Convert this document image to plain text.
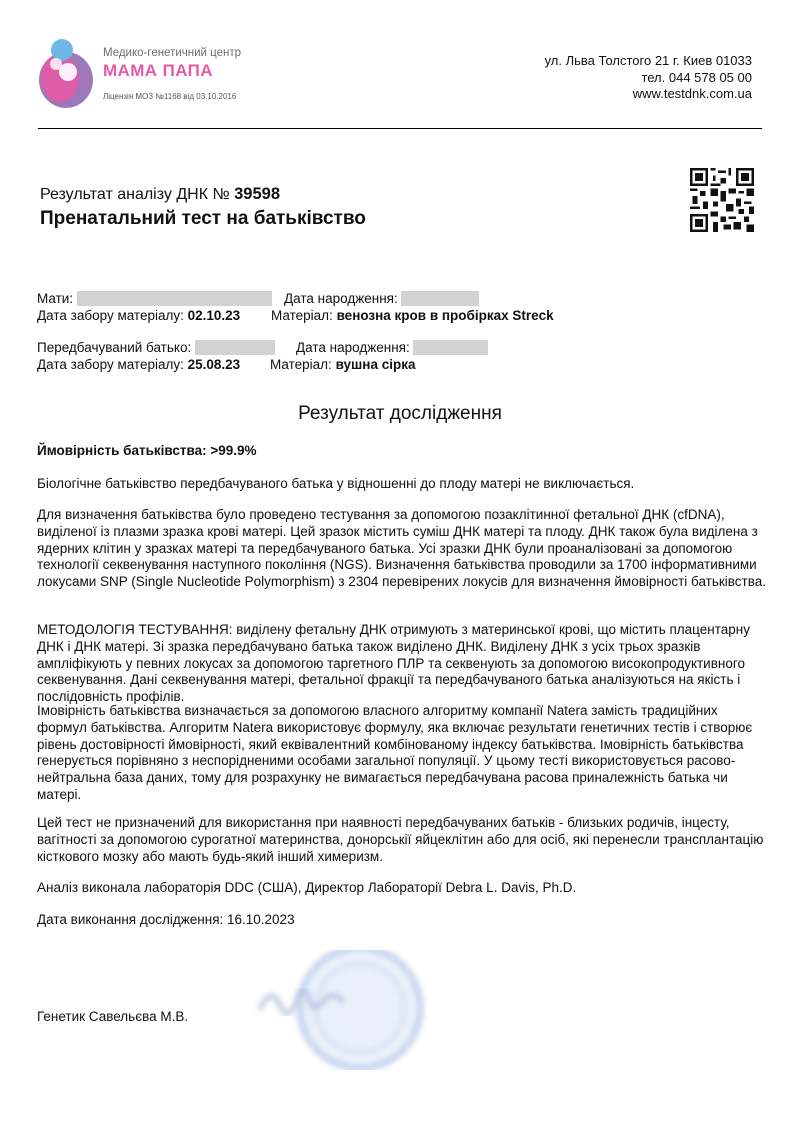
Медико-генетичний центр
МАМА ПАПА
Ліцензія МОЗ №1168 від 03.10.2016
ул. Льва Толстого 21 г. Киев 01033
тел. 044 578 05 00
www.testdnk.com.ua
Результат аналізу ДНК № 39598
Пренатальний тест на батьківство
Мати:	Дата народження:
Дата забору матеріалу: 02.10.23 Матеріал: венозна кров в пробірках Streck
Передбачуваний батько:	Дата народження:
Дата забору матеріалу: 25.08.23 Матеріал: вушна сірка
Результат дослідження
Ймовірність батьківства: >99.9%
Біологічне батьківство передбачуваного батька у відношенні до плоду матері не виключається.
Для визначення батьківства було проведено тестування за допомогою позаклітинної фетальної ДНК (cfDNA), виділеної із плазми зразка крові матері. Цей зразок містить суміш ДНК матері та плоду. ДНК також була виділена з ядерних клітин у зразках матері та передбачуваного батька. Усі зразки ДНК були проаналізовані за допомогою технології секвенування наступного покоління (NGS). Визначення батьківства проводили за 1700 інформативними локусами SNP (Single Nucleotide Polymorphism) з 2304 перевірених локусів для визначення ймовірності батьківства.
МЕТОДОЛОГІЯ ТЕСТУВАННЯ: виділену фетальну ДНК отримують з материнської крові, що містить плацентарну ДНК і ДНК матері. Зі зразка передбачувано батька також виділено ДНК. Виділену ДНК з усіх трьох зразків ампліфікують у певних локусах за допомогою таргетного ПЛР та секвенують за допомогою високопродуктивного секвенування. Дані секвенування матері, фетальної фракції та передбачуваного батька аналізуються на якість і послідовність профілів.
Імовірність батьківства визначається за допомогою власного алгоритму компанії Natera замість традиційних формул батьківства. Алгоритм Natera використовує формулу, яка включає результати генетичних тестів і створює рівень достовірності ймовірності, який еквівалентний комбінованому індексу батьківства. Імовірність батьківства генерується порівняно з неспорідненими особами загальної популяції. У цьому тесті використовується расово-нейтральна база даних, тому для розрахунку не вимагається передбачувана расова приналежність батька чи матері.
Цей тест не призначений для використання при наявності передбачуваних батьків - близьких родичів, інцесту, вагітності за допомогою сурогатної материнства, донорськії яйцеклітин або для осіб, які перенесли трансплантацію кісткового мозку або мають будь-який інший химеризм.
Аналіз виконала лабораторія DDC (США), Директор Лабораторії Debra L. Davis, Ph.D.
Дата виконання дослідження: 16.10.2023
Генетик Савельєва М.В.
